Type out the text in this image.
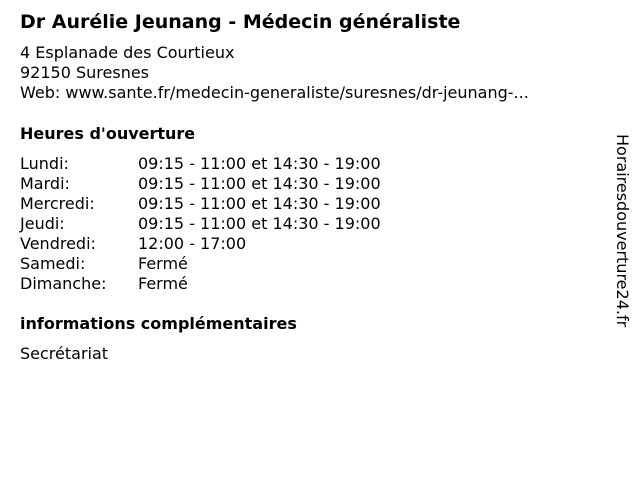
Dr Aurélie Jeunang - Médecin généraliste
4 Esplanade des Courtieux
92150 Suresnes
Web: www.sante.fr/medecin-generaliste/suresnes/dr-jeunang-...
Heures d'ouverture
Lundi:	09:15 - 11:00 et 14:30 - 19:00
Mardi:	09:15 - 11:00 et 14:30 - 19:00
Mercredi:	09:15 - 11:00 et 14:30 - 19:00
Jeudi:	09:15 - 11:00 et 14:30 - 19:00
Vendredi:	12:00 - 17:00
Samedi:	Fermé
Dimanche:	Fermé
informations complémentaires
Secrétariat
Horairesdouverture24.fr
